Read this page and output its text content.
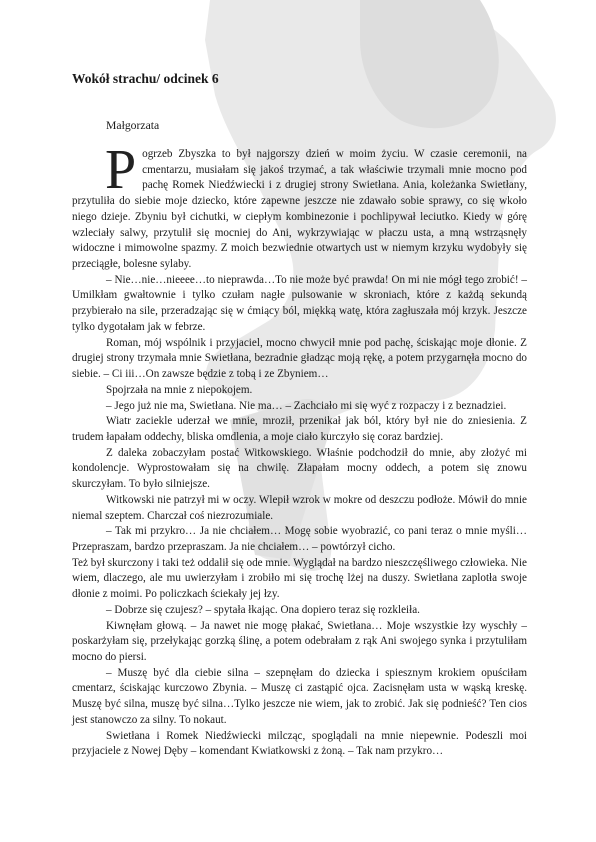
Wokół strachu/ odcinek 6

Małgorzata

Pogrzeb Zbyszka to był najgorszy dzień w moim życiu. W czasie ceremonii, na cmentarzu, musiałam się jakoś trzymać, a tak właściwie trzymali mnie mocno pod pachę Romek Niedźwiecki i z drugiej strony Swietłana. Ania, koleżanka Swietłany, przytuliła do siebie moje dziecko, które zapewne jeszcze nie zdawało sobie sprawy, co się wkoło niego dzieje. Zbyniu był cichutki, w ciepłym kombinezonie i pochlipywał leciutko. Kiedy w górę wzleciały salwy, przytulił się mocniej do Ani, wykrzywiając w płaczu usta, a mną wstrząsnęły widoczne i mimowolne spazmy. Z moich bezwiednie otwartych ust w niemym krzyku wydobyły się przeciągłe, bolesne sylaby.

– Nie…nie…nieeee…to nieprawda…To nie może być prawda! On mi nie mógł tego zrobić! – Umilkłam gwałtownie i tylko czułam nagłe pulsowanie w skroniach, które z każdą sekundą przybierało na sile, przeradzając się w ćmiący ból, miękką watę, która zagłuszała mój krzyk. Jeszcze tylko dygotałam jak w febrze.

Roman, mój wspólnik i przyjaciel, mocno chwycił mnie pod pachę, ściskając moje dłonie. Z drugiej strony trzymała mnie Swietłana, bezradnie gładząc moją rękę, a potem przygarnęła mocno do siebie. – Ci iii…On zawsze będzie z tobą i ze Zbyniem…

Spojrzała na mnie z niepokojem.

– Jego już nie ma, Swietłana. Nie ma… – Zachciało mi się wyć z rozpaczy i z beznadziei.

Wiatr zaciekle uderzał we mnie, mroził, przenikał jak ból, który był nie do zniesienia. Z trudem łapałam oddechy, bliska omdlenia, a moje ciało kurczyło się coraz bardziej.

Z daleka zobaczyłam postać Witkowskiego. Właśnie podchodził do mnie, aby złożyć mi kondolencje. Wyprostowałam się na chwilę. Złapałam mocny oddech, a potem się znowu skurczyłam. To było silniejsze.

Witkowski nie patrzył mi w oczy. Wlepił wzrok w mokre od deszczu podłoże. Mówił do mnie niemal szeptem. Charczał coś niezrozumiale.

– Tak mi przykro… Ja nie chciałem… Mogę sobie wyobrazić, co pani teraz o mnie myśli…Przepraszam, bardzo przepraszam. Ja nie chciałem… – powtórzył cicho.

Też był skurczony i taki też oddalił się ode mnie. Wyglądał na bardzo nieszczęśliwego człowieka. Nie wiem, dlaczego, ale mu uwierzyłam i zrobiło mi się trochę lżej na duszy. Swietłana zaplotła swoje dłonie z moimi. Po policzkach ściekały jej łzy.

– Dobrze się czujesz? – spytała łkając. Ona dopiero teraz się rozkleiła.

Kiwnęłam głową. – Ja nawet nie mogę płakać, Swietłana… Moje wszystkie łzy wyschły – poskarżyłam się, przełykając gorzką ślinę, a potem odebrałam z rąk Ani swojego synka i przytuliłam mocno do piersi.

– Muszę być dla ciebie silna – szepnęłam do dziecka i spiesznym krokiem opuściłam cmentarz, ściskając kurczowo Zbynia. – Muszę ci zastąpić ojca. Zacisnęłam usta w wąską kreskę. Muszę być silna, muszę być silna…Tylko jeszcze nie wiem, jak to zrobić. Jak się podnieść? Ten cios jest stanowczo za silny. To nokaut.

Swietłana i Romek Niedźwiecki milcząc, spoglądali na mnie niepewnie. Podeszli moi przyjaciele z Nowej Dęby – komendant Kwiatkowski z żoną. – Tak nam przykro…
